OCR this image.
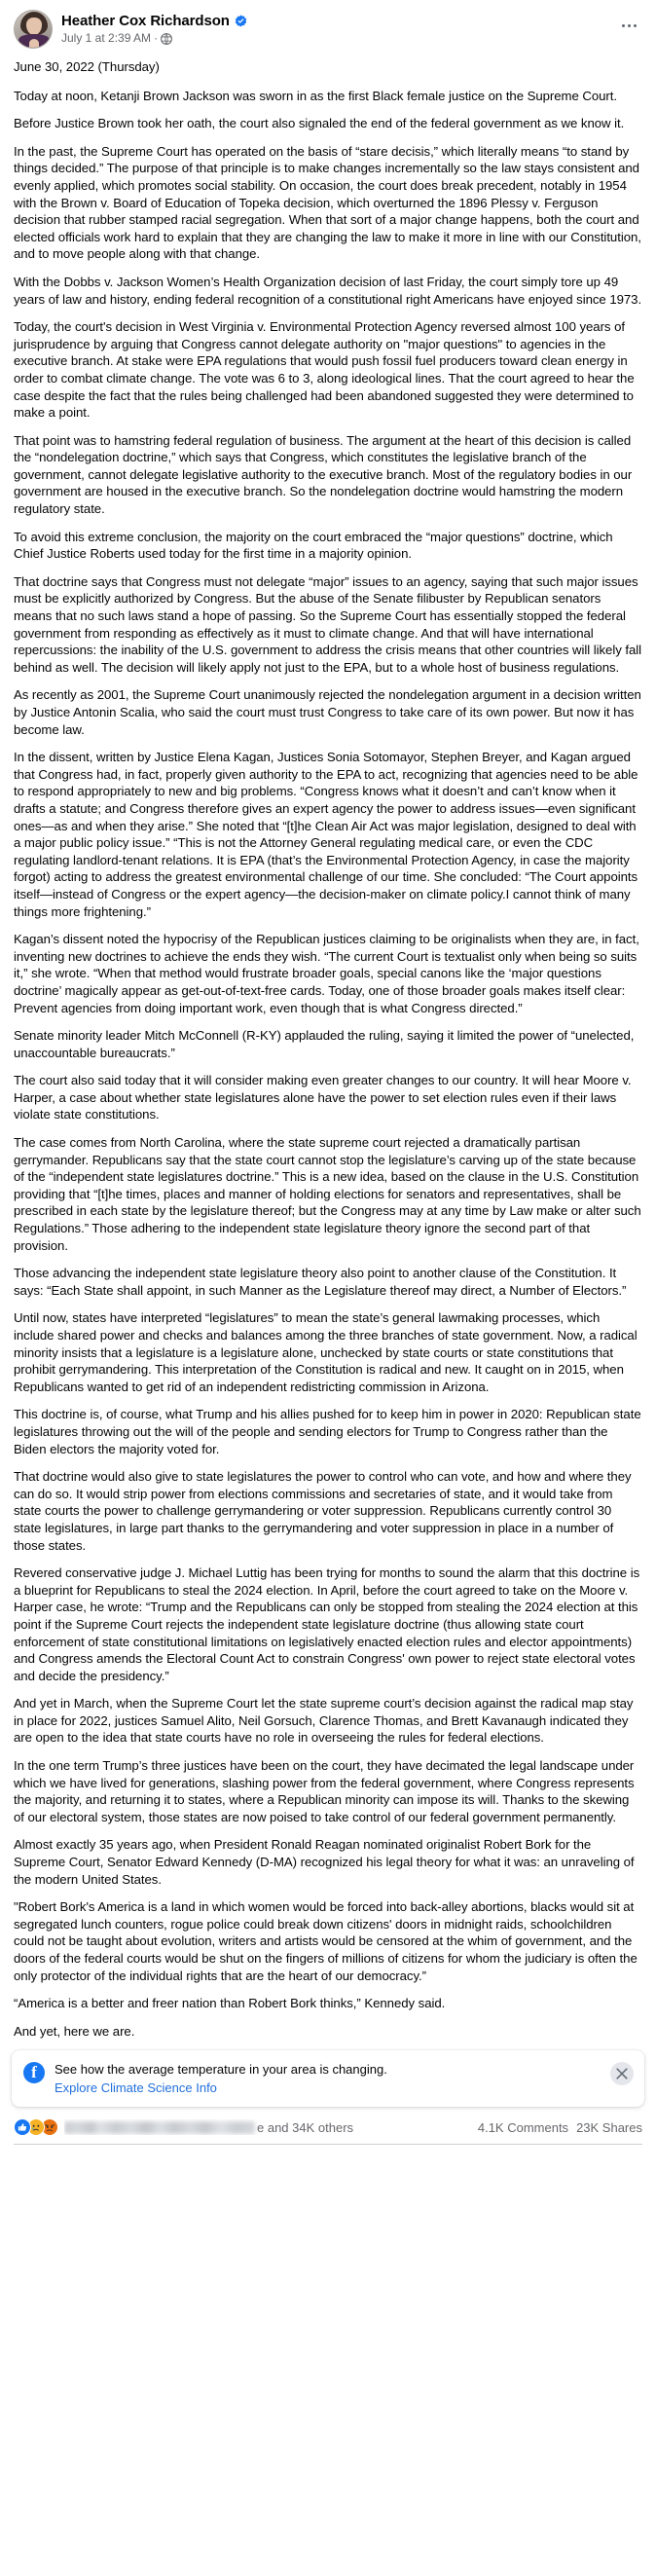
Heather Cox Richardson
July 1 at 2:39 AM ·

June 30, 2022 (Thursday)

Today at noon, Ketanji Brown Jackson was sworn in as the first Black female justice on the Supreme Court.

Before Justice Brown took her oath, the court also signaled the end of the federal government as we know it.

In the past, the Supreme Court has operated on the basis of “stare decisis,” which literally means “to stand by things decided.” The purpose of that principle is to make changes incrementally so the law stays consistent and evenly applied, which promotes social stability. On occasion, the court does break precedent, notably in 1954 with the Brown v. Board of Education of Topeka decision, which overturned the 1896 Plessy v. Ferguson decision that rubber stamped racial segregation. When that sort of a major change happens, both the court and elected officials work hard to explain that they are changing the law to make it more in line with our Constitution, and to move people along with that change.

With the Dobbs v. Jackson Women’s Health Organization decision of last Friday, the court simply tore up 49 years of law and history, ending federal recognition of a constitutional right Americans have enjoyed since 1973.

Today, the court's decision in West Virginia v. Environmental Protection Agency reversed almost 100 years of jurisprudence by arguing that Congress cannot delegate authority on "major questions" to agencies in the executive branch. At stake were EPA regulations that would push fossil fuel producers toward clean energy in order to combat climate change. The vote was 6 to 3, along ideological lines. That the court agreed to hear the case despite the fact that the rules being challenged had been abandoned suggested they were determined to make a point.

That point was to hamstring federal regulation of business. The argument at the heart of this decision is called the “nondelegation doctrine,” which says that Congress, which constitutes the legislative branch of the government, cannot delegate legislative authority to the executive branch. Most of the regulatory bodies in our government are housed in the executive branch. So the nondelegation doctrine would hamstring the modern regulatory state.

To avoid this extreme conclusion, the majority on the court embraced the “major questions” doctrine, which Chief Justice Roberts used today for the first time in a majority opinion.

That doctrine says that Congress must not delegate “major” issues to an agency, saying that such major issues must be explicitly authorized by Congress. But the abuse of the Senate filibuster by Republican senators means that no such laws stand a hope of passing. So the Supreme Court has essentially stopped the federal government from responding as effectively as it must to climate change. And that will have international repercussions: the inability of the U.S. government to address the crisis means that other countries will likely fall behind as well. The decision will likely apply not just to the EPA, but to a whole host of business regulations.

As recently as 2001, the Supreme Court unanimously rejected the nondelegation argument in a decision written by Justice Antonin Scalia, who said the court must trust Congress to take care of its own power. But now it has become law.

In the dissent, written by Justice Elena Kagan, Justices Sonia Sotomayor, Stephen Breyer, and Kagan argued that Congress had, in fact, properly given authority to the EPA to act, recognizing that agencies need to be able to respond appropriately to new and big problems. “Congress knows what it doesn’t and can’t know when it drafts a statute; and Congress therefore gives an expert agency the power to address issues—even significant ones—as and when they arise.” She noted that “[t]he Clean Air Act was major legislation, designed to deal with a major public policy issue.” “This is not the Attorney General regulating medical care, or even the CDC regulating landlord-tenant relations. It is EPA (that’s the Environmental Protection Agency, in case the majority forgot) acting to address the greatest environmental challenge of our time. She concluded: “The Court appoints itself—instead of Congress or the expert agency—the decision-maker on climate policy.I cannot think of many things more frightening.”

Kagan’s dissent noted the hypocrisy of the Republican justices claiming to be originalists when they are, in fact, inventing new doctrines to achieve the ends they wish. “The current Court is textualist only when being so suits it,” she wrote. “When that method would frustrate broader goals, special canons like the ‘major questions doctrine’ magically appear as get-out-of-text-free cards. Today, one of those broader goals makes itself clear: Prevent agencies from doing important work, even though that is what Congress directed.”

Senate minority leader Mitch McConnell (R-KY) applauded the ruling, saying it limited the power of “unelected, unaccountable bureaucrats.”

The court also said today that it will consider making even greater changes to our country. It will hear Moore v. Harper, a case about whether state legislatures alone have the power to set election rules even if their laws violate state constitutions.

The case comes from North Carolina, where the state supreme court rejected a dramatically partisan gerrymander. Republicans say that the state court cannot stop the legislature’s carving up of the state because of the “independent state legislatures doctrine.” This is a new idea, based on the clause in the U.S. Constitution providing that “[t]he times, places and manner of holding elections for senators and representatives, shall be prescribed in each state by the legislature thereof; but the Congress may at any time by Law make or alter such Regulations.” Those adhering to the independent state legislature theory ignore the second part of that provision.

Those advancing the independent state legislature theory also point to another clause of the Constitution. It says: “Each State shall appoint, in such Manner as the Legislature thereof may direct, a Number of Electors.”

Until now, states have interpreted “legislatures” to mean the state’s general lawmaking processes, which include shared power and checks and balances among the three branches of state government. Now, a radical minority insists that a legislature is a legislature alone, unchecked by state courts or state constitutions that prohibit gerrymandering. This interpretation of the Constitution is radical and new. It caught on in 2015, when Republicans wanted to get rid of an independent redistricting commission in Arizona.

This doctrine is, of course, what Trump and his allies pushed for to keep him in power in 2020: Republican state legislatures throwing out the will of the people and sending electors for Trump to Congress rather than the Biden electors the majority voted for.

That doctrine would also give to state legislatures the power to control who can vote, and how and where they can do so. It would strip power from elections commissions and secretaries of state, and it would take from state courts the power to challenge gerrymandering or voter suppression. Republicans currently control 30 state legislatures, in large part thanks to the gerrymandering and voter suppression in place in a number of those states.

Revered conservative judge J. Michael Luttig has been trying for months to sound the alarm that this doctrine is a blueprint for Republicans to steal the 2024 election. In April, before the court agreed to take on the Moore v. Harper case, he wrote: “Trump and the Republicans can only be stopped from stealing the 2024 election at this point if the Supreme Court rejects the independent state legislature doctrine (thus allowing state court enforcement of state constitutional limitations on legislatively enacted election rules and elector appointments) and Congress amends the Electoral Count Act to constrain Congress' own power to reject state electoral votes and decide the presidency.”

And yet in March, when the Supreme Court let the state supreme court’s decision against the radical map stay in place for 2022, justices Samuel Alito, Neil Gorsuch, Clarence Thomas, and Brett Kavanaugh indicated they are open to the idea that state courts have no role in overseeing the rules for federal elections.

In the one term Trump’s three justices have been on the court, they have decimated the legal landscape under which we have lived for generations, slashing power from the federal government, where Congress represents the majority, and returning it to states, where a Republican minority can impose its will. Thanks to the skewing of our electoral system, those states are now poised to take control of our federal government permanently.

Almost exactly 35 years ago, when President Ronald Reagan nominated originalist Robert Bork for the Supreme Court, Senator Edward Kennedy (D-MA) recognized his legal theory for what it was: an unraveling of the modern United States.

"Robert Bork's America is a land in which women would be forced into back-alley abortions, blacks would sit at segregated lunch counters, rogue police could break down citizens' doors in midnight raids, schoolchildren could not be taught about evolution, writers and artists would be censored at the whim of government, and the doors of the federal courts would be shut on the fingers of millions of citizens for whom the judiciary is often the only protector of the individual rights that are the heart of our democracy.”

“America is a better and freer nation than Robert Bork thinks,” Kennedy said.

And yet, here we are.

f See how the average temperature in your area is changing.
Explore Climate Science Info
e and 34K others	4.1K Comments 23K Shares
